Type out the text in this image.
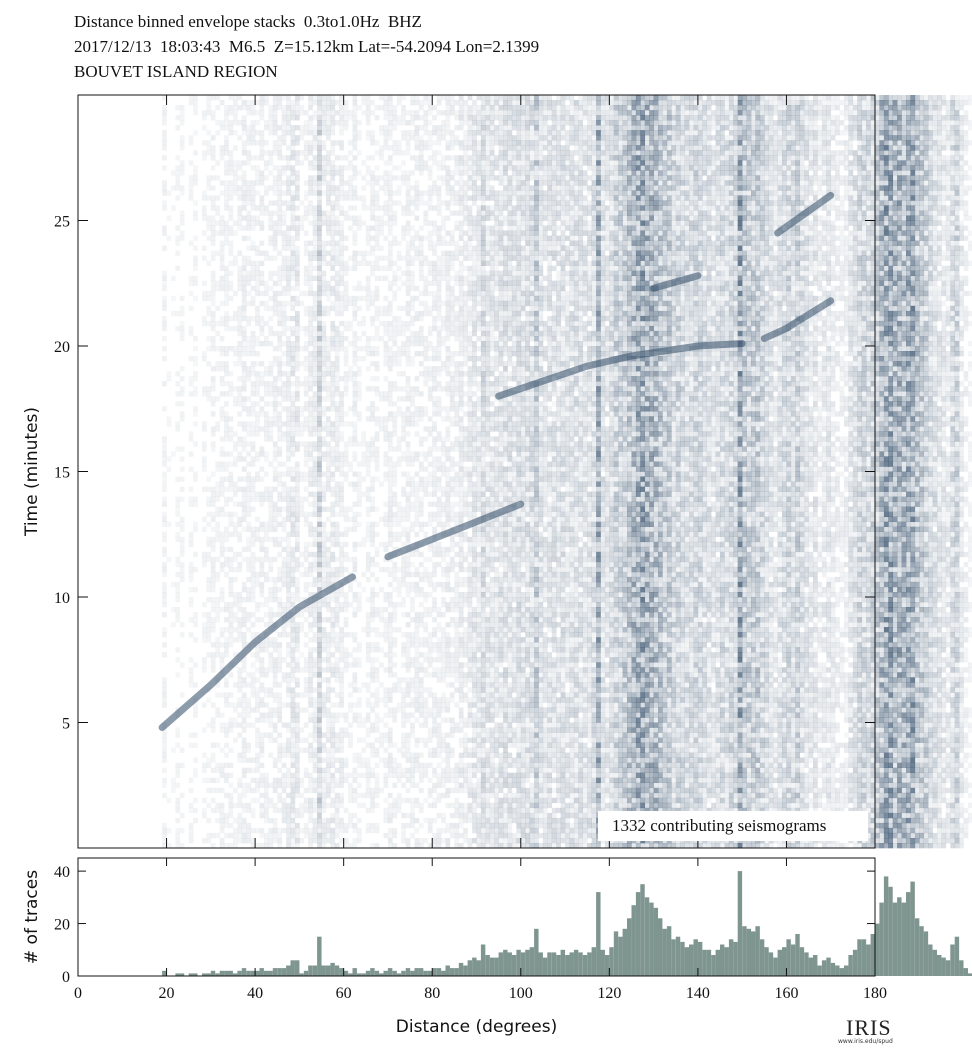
Distance binned envelope stacks  0.3to1.0Hz  BHZ
2017/12/13  18:03:43  M6.5  Z=15.12km Lat=-54.2094 Lon=2.1399
BOUVET ISLAND REGION
5
10
15
20
25
Time (minutes)
0
20
40
0	20	40	60	80	100	120	140	160	180
# of traces
Distance (degrees)
1332 contributing seismograms
IRIS
www.iris.edu/spud
